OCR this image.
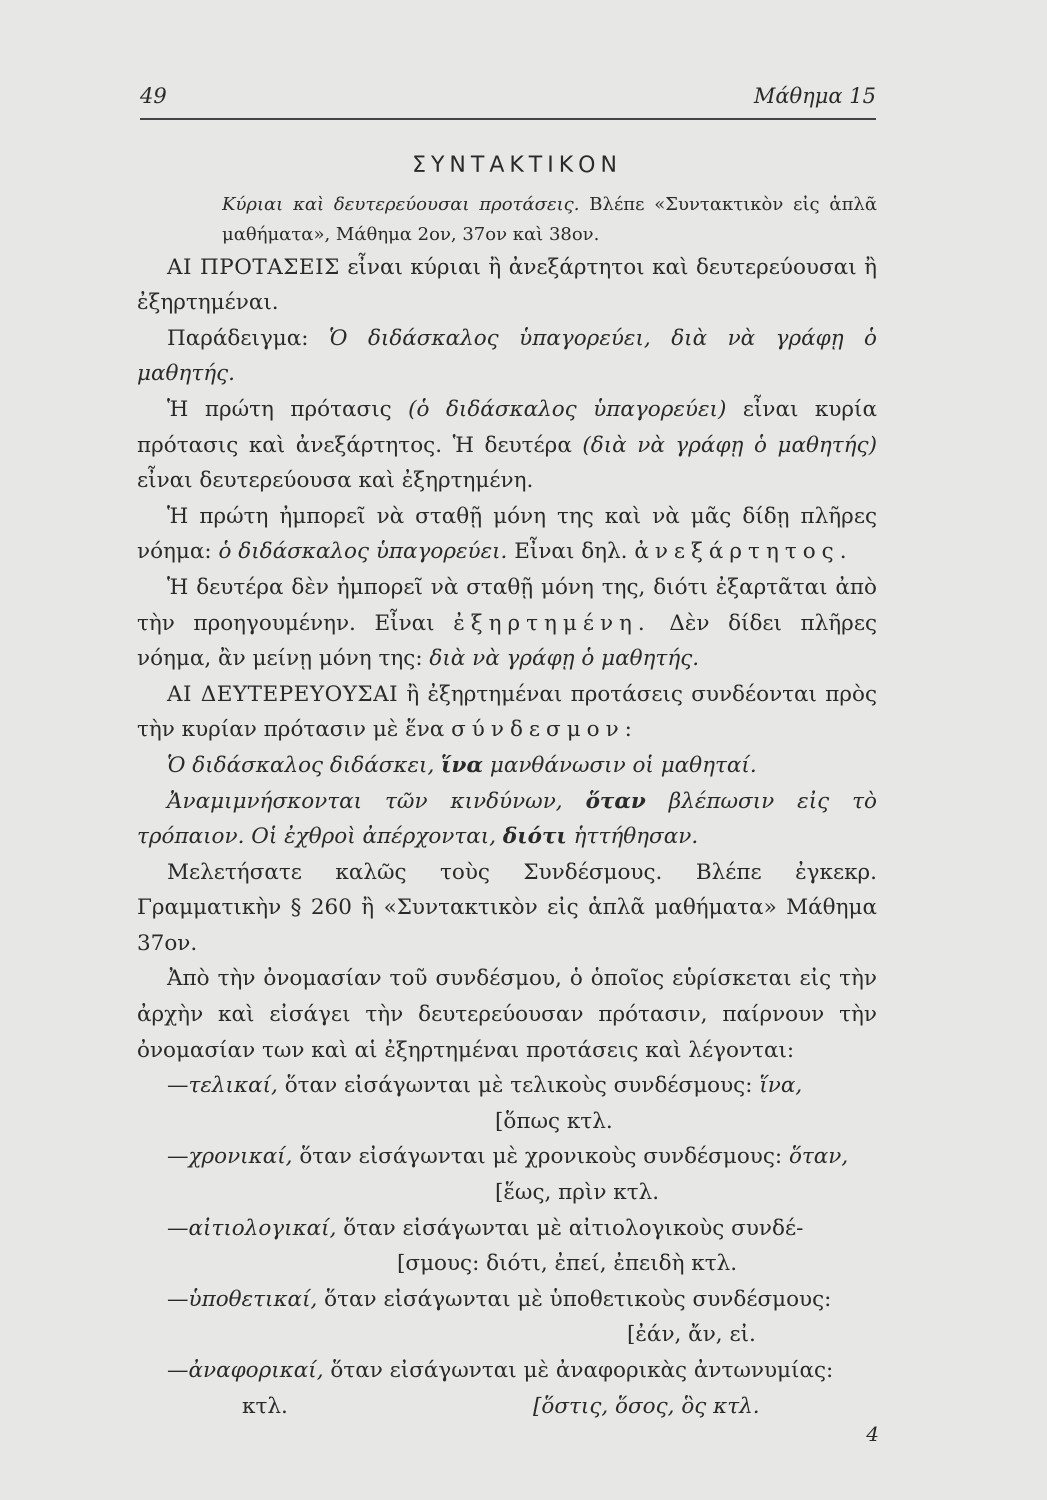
49	Μάθημα 15
ΣΥΝΤΑΚΤΙΚΟΝ
Κύριαι καὶ δευτερεύουσαι προτάσεις. Βλέπε «Συντακτικὸν εἰς ἁπλᾶ μαθήματα», Μάθημα 2ον, 37ον καὶ 38ον.

ΑΙ ΠΡΟΤΑΣΕΙΣ εἶναι κύριαι ἢ ἀνεξάρτητοι καὶ δευτερεύουσαι ἢ ἐξηρτημέναι.

Παράδειγμα: Ὁ διδάσκαλος ὑπαγορεύει, διὰ νὰ γράφῃ ὁ μαθητής.

Ἡ πρώτη πρότασις (ὁ διδάσκαλος ὑπαγορεύει) εἶναι κυρία πρότασις καὶ ἀνεξάρτητος. Ἡ δευτέρα (διὰ νὰ γράφῃ ὁ μαθητής) εἶναι δευτερεύουσα καὶ ἐξηρτημένη.

Ἡ πρώτη ἠμπορεῖ νὰ σταθῇ μόνη της καὶ νὰ μᾶς δίδῃ πλῆρες νόημα: ὁ διδάσκαλος ὑπαγορεύει. Εἶναι δηλ. ἀνεξάρτητος.

Ἡ δευτέρα δὲν ἠμπορεῖ νὰ σταθῇ μόνη της, διότι ἐξαρτᾶται ἀπὸ τὴν προηγουμένην. Εἶναι ἐξηρτημένη. Δὲν δίδει πλῆρες νόημα, ἂν μείνῃ μόνη της: διὰ νὰ γράφῃ ὁ μαθητής.

ΑΙ ΔΕΥΤΕΡΕΥΟΥΣΑΙ ἢ ἐξηρτημέναι προτάσεις συνδέονται πρὸς τὴν κυρίαν πρότασιν μὲ ἕνα σύνδεσμον:

Ὁ διδάσκαλος διδάσκει, ἵνα μανθάνωσιν οἱ μαθηταί.

Ἀναμιμνήσκονται τῶν κινδύνων, ὅταν βλέπωσιν εἰς τὸ τρόπαιον. Οἱ ἐχθροὶ ἀπέρχονται, διότι ἡττήθησαν.

Μελετήσατε καλῶς τοὺς Συνδέσμους. Βλέπε ἐγκεκρ. Γραμματικὴν § 260 ἢ «Συντακτικὸν εἰς ἁπλᾶ μαθήματα» Μάθημα 37ον.

Ἀπὸ τὴν ὀνομασίαν τοῦ συνδέσμου, ὁ ὁποῖος εὑρίσκεται εἰς τὴν ἀρχὴν καὶ εἰσάγει τὴν δευτερεύουσαν πρότασιν, παίρνουν τὴν ὀνομασίαν των καὶ αἱ ἐξηρτημέναι προτάσεις καὶ λέγονται:

—τελικαί, ὅταν εἰσάγωνται μὲ τελικοὺς συνδέσμους: ἵνα,

[ὅπως κτλ.

—χρονικαί, ὅταν εἰσάγωνται μὲ χρονικοὺς συνδέσμους: ὅταν,

[ἕως, πρὶν κτλ.

—αἰτιολογικαί, ὅταν εἰσάγωνται μὲ αἰτιολογικοὺς συνδέ-

[σμους: διότι, ἐπεί, ἐπειδὴ κτλ.

—ὑποθετικαί, ὅταν εἰσάγωνται μὲ ὑποθετικοὺς συνδέσμους:

[ἐάν, ἄν, εἰ.

—ἀναφορικαί, ὅταν εἰσάγωνται μὲ ἀναφορικὰς ἀντωνυμίας:

κτλ.	[ὅστις, ὅσος, ὃς κτλ.

4
